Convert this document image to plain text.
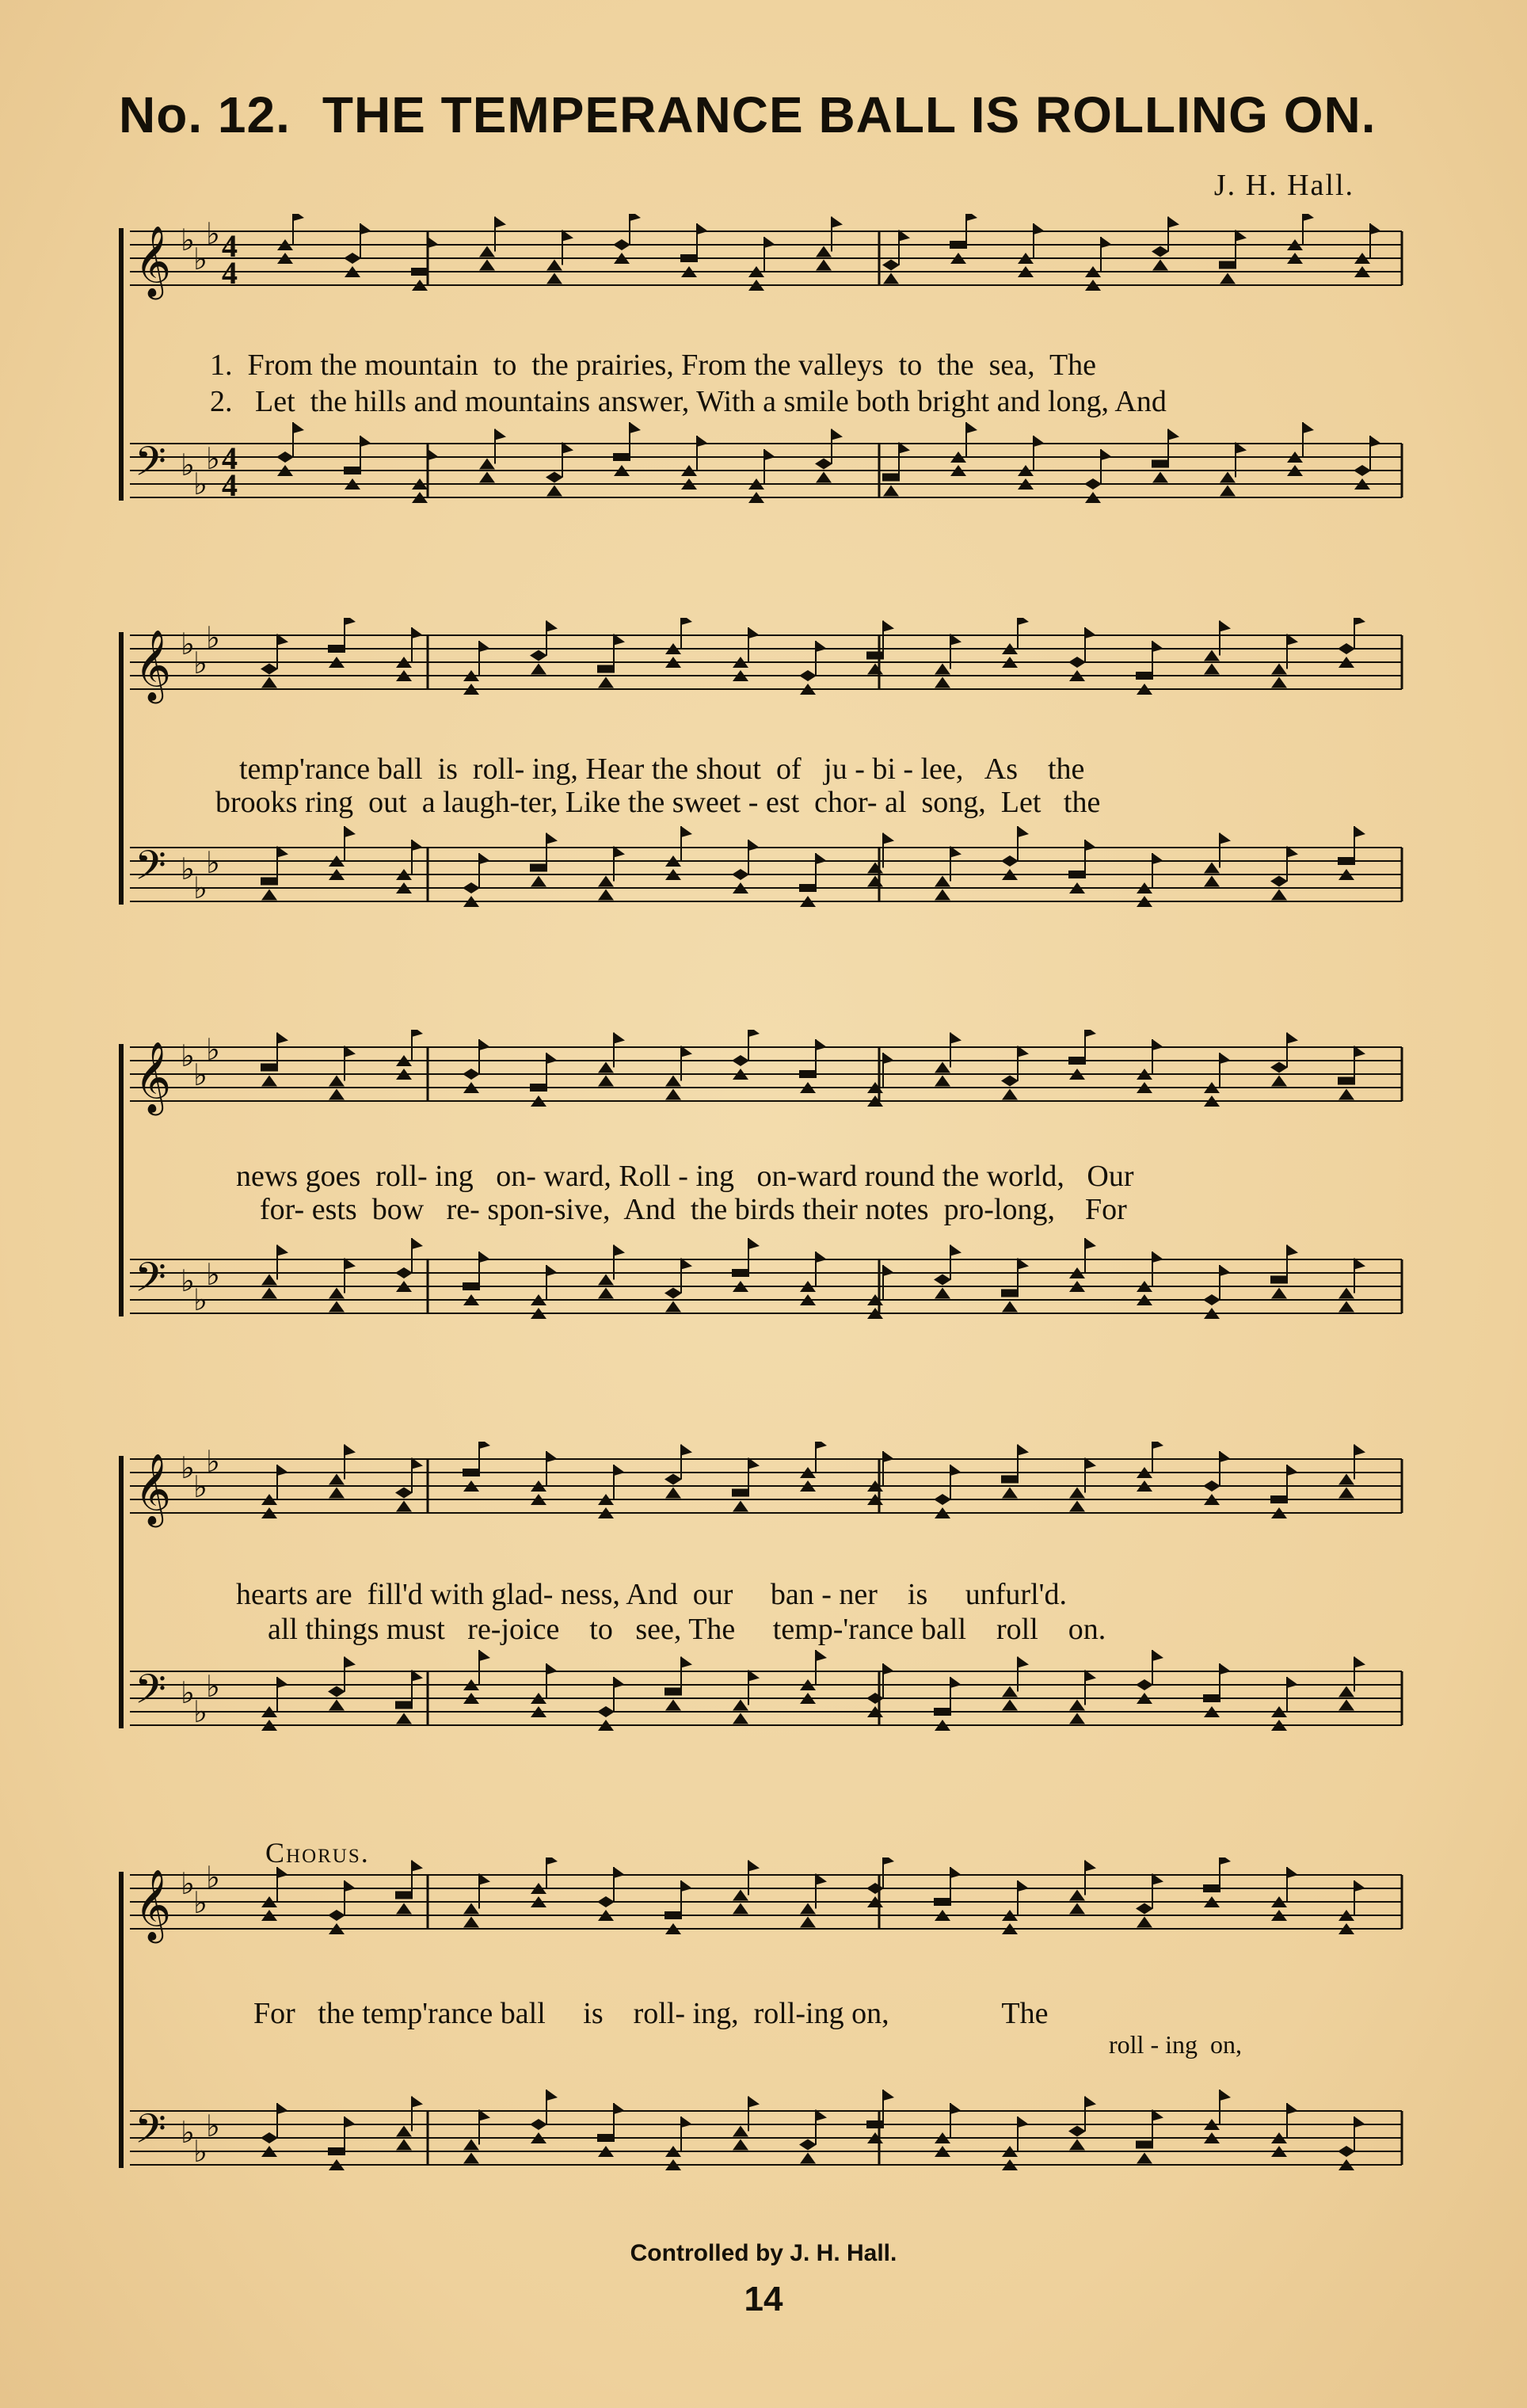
No. 12. THE TEMPERANCE BALL IS ROLLING ON.
J. H. Hall.
𝄞 ♭
♭
♭ 4
4
𝄢 ♭
♭
♭ 4
4
1.  From the mountain  to  the prairies, From the valleys  to  the  sea,  The
2.   Let  the hills and mountains answer, With a smile both bright and long, And
𝄞 ♭
♭
♭
𝄢 ♭
♭
♭
temp'rance ball  is  roll- ing, Hear the shout  of   ju - bi - lee,   As    the
brooks ring  out  a laugh-ter, Like the sweet - est  chor- al  song,  Let   the
𝄞 ♭
♭
♭
𝄢 ♭
♭
♭
news goes  roll- ing   on- ward, Roll - ing   on-ward round the world,   Our
for- ests  bow   re- spon-sive,  And  the birds their notes  pro-long,    For
𝄞 ♭
♭
♭
𝄢 ♭
♭
♭
hearts are  fill'd with glad- ness, And  our     ban - ner    is     unfurl'd.
all things must   re-joice    to   see, The     temp-'rance ball    roll    on.
Chorus.
𝄞 ♭
♭
♭
𝄢 ♭
♭
♭
For   the temp'rance ball     is    roll- ing,  roll-ing on,               The
roll - ing  on,
Controlled by J. H. Hall.
14
